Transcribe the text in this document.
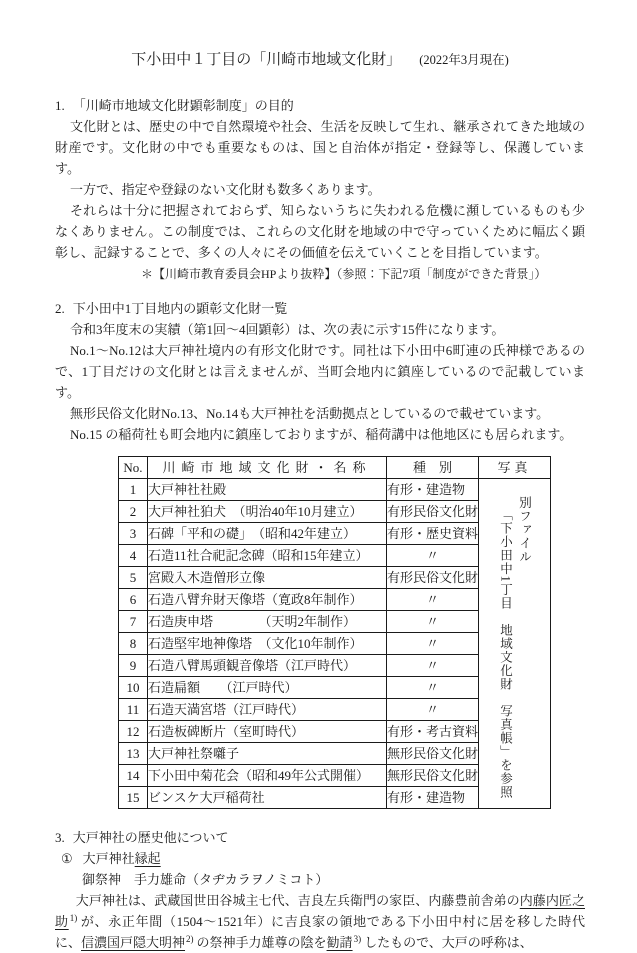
下小田中１丁目の「川崎市地域文化財」 (2022年3月現在)
1. 「川崎市地域文化財顕彰制度」の目的

文化財とは、歴史の中で自然環境や社会、生活を反映して生れ、継承されてきた地域の財産です。文化財の中でも重要なものは、国と自治体が指定・登録等し、保護しています。

一方で、指定や登録のない文化財も数多くあります。

それらは十分に把握されておらず、知らないうちに失われる危機に瀕しているものも少なくありません。この制度では、これらの文化財を地域の中で守っていくために幅広く顕彰し、記録することで、多くの人々にその価値を伝えていくことを目指しています。

＊【川崎市教育委員会HPより抜粋】（参照：下記7項「制度ができた背景」）
2. 下小田中1丁目地内の顕彰文化財一覧

令和3年度末の実績（第1回～4回顕彰）は、次の表に示す15件になります。

No.1～No.12は大戸神社境内の有形文化財です。同社は下小田中6町連の氏神様であるので、1丁目だけの文化財とは言えませんが、当町会地内に鎮座しているので記載しています。

無形民俗文化財No.13、No.14も大戸神社を活動拠点としているので載せています。

No.15 の稲荷社も町会地内に鎮座しておりますが、稲荷講中は他地区にも居られます。

No.	川崎市地域文化財・名称	種　別	写真
1	大戸神社社殿	有形・建造物	別ファイル
「下小田中1丁目　地域文化財　写真帳」を参照

2	大戸神社狛犬　（明治40年10月建立）	有形民俗文化財	
3	石碑「平和の礎」　（昭和42年建立）	有形・歴史資料	
4	石造11社合祀記念碑（昭和15年建立）	〃	
5	宮殿入木造僧形立像	有形民俗文化財	
6	石造八臂弁財天像塔（寛政8年制作）	〃	
7	石造庚申塔　　　　（天明2年制作）	〃	
8	石造堅牢地神像塔　（文化10年制作）	〃	
9	石造八臂馬頭観音像塔（江戸時代）	〃	
10	石造扁額　　（江戸時代）	〃	
11	石造天満宮塔（江戸時代）	〃	
12	石造板碑断片（室町時代）	有形・考古資料	
13	大戸神社祭囃子	無形民俗文化財	
14	下小田中菊花会（昭和49年公式開催）	無形民俗文化財	
15	ビンスケ大戸稲荷社	有形・建造物	
3. 大戸神社の歴史他について
① 大戸神社縁起
御祭神　手力雄命（タヂカラヲノミコト）

大戸神社は、武蔵国世田谷城主七代、吉良左兵衛門の家臣、内藤豊前舎弟の内藤内匠之助$^{1)}$ が、永正年間（1504～1521年）に吉良家の領地である下小田中村に居を移した時代に、信濃国戸隠大明神$^{2)}$ の祭神手力雄尊の陰を勧請$^{3)}$ したもので、大戸の呼称は、
